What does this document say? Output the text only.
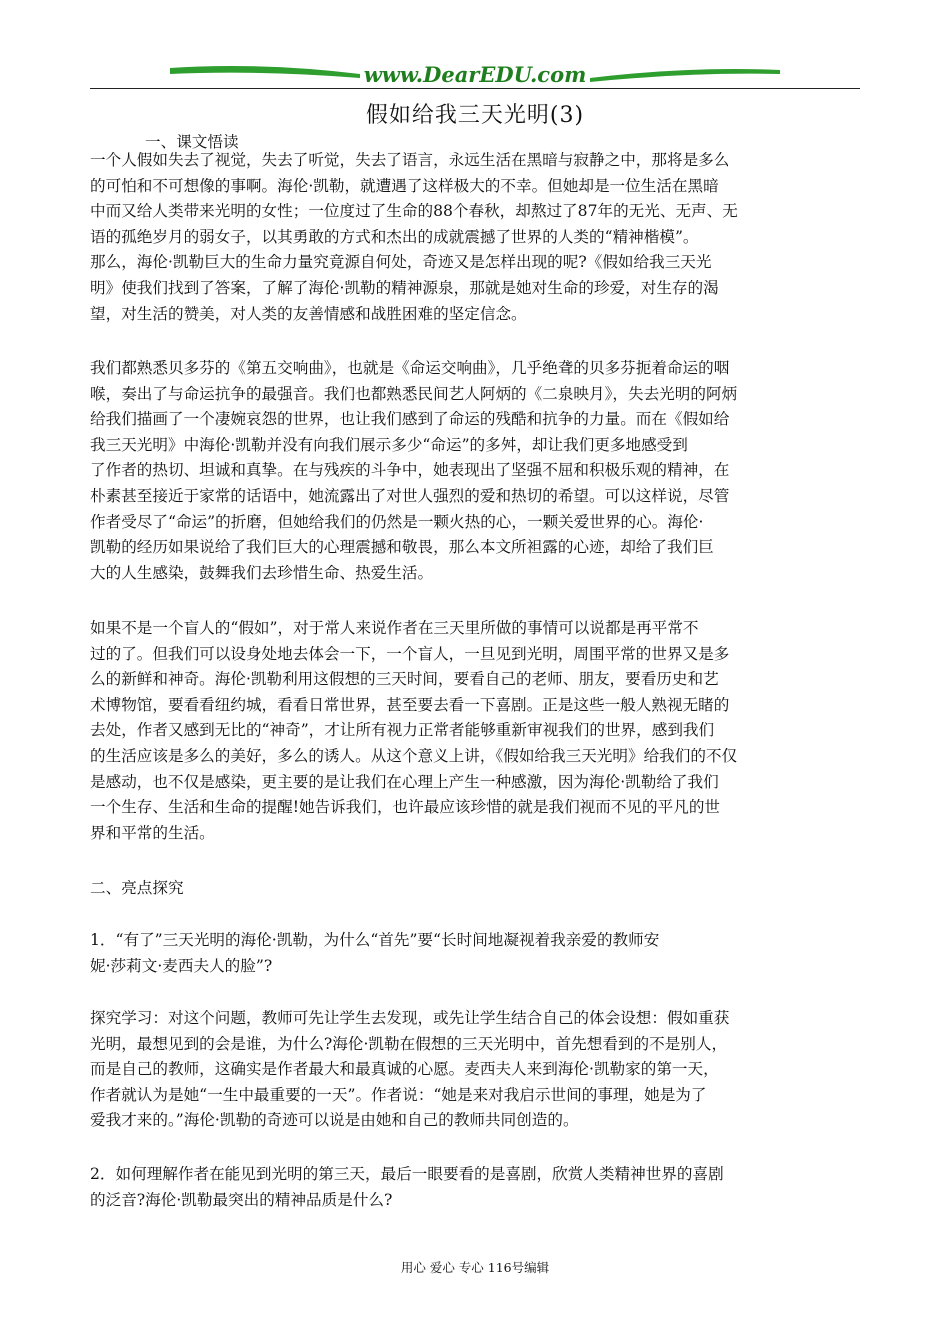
www.DearEDU.com
假如给我三天光明(3)
一、课文悟读
一个人假如失去了视觉，失去了听觉，失去了语言，永远生活在黑暗与寂静之中，那将是多么
的可怕和不可想像的事啊。海伦·凯勒，就遭遇了这样极大的不幸。但她却是一位生活在黑暗
中而又给人类带来光明的女性；一位度过了生命的88个春秋，却熬过了87年的无光、无声、无
语的孤绝岁月的弱女子，以其勇敢的方式和杰出的成就震撼了世界的人类的“精神楷模”。
那么，海伦·凯勒巨大的生命力量究竟源自何处，奇迹又是怎样出现的呢?《假如给我三天光
明》使我们找到了答案，了解了海伦·凯勒的精神源泉，那就是她对生命的珍爱，对生存的渴
望，对生活的赞美，对人类的友善情感和战胜困难的坚定信念。
我们都熟悉贝多芬的《第五交响曲》，也就是《命运交响曲》，几乎绝聋的贝多芬扼着命运的咽
喉，奏出了与命运抗争的最强音。我们也都熟悉民间艺人阿炳的《二泉映月》，失去光明的阿炳
给我们描画了一个凄婉哀怨的世界，也让我们感到了命运的残酷和抗争的力量。而在《假如给
我三天光明》中海伦·凯勒并没有向我们展示多少“命运”的多舛，却让我们更多地感受到
了作者的热切、坦诚和真挚。在与残疾的斗争中，她表现出了坚强不屈和积极乐观的精神，在
朴素甚至接近于家常的话语中，她流露出了对世人强烈的爱和热切的希望。可以这样说，尽管
作者受尽了“命运”的折磨，但她给我们的仍然是一颗火热的心，一颗关爱世界的心。海伦·
凯勒的经历如果说给了我们巨大的心理震撼和敬畏，那么本文所袒露的心迹，却给了我们巨
大的人生感染，鼓舞我们去珍惜生命、热爱生活。
如果不是一个盲人的“假如”，对于常人来说作者在三天里所做的事情可以说都是再平常不
过的了。但我们可以设身处地去体会一下，一个盲人，一旦见到光明，周围平常的世界又是多
么的新鲜和神奇。海伦·凯勒利用这假想的三天时间，要看自己的老师、朋友，要看历史和艺
术博物馆，要看看纽约城，看看日常世界，甚至要去看一下喜剧。正是这些一般人熟视无睹的
去处，作者又感到无比的“神奇”，才让所有视力正常者能够重新审视我们的世界，感到我们
的生活应该是多么的美好，多么的诱人。从这个意义上讲，《假如给我三天光明》给我们的不仅
是感动，也不仅是感染，更主要的是让我们在心理上产生一种感激，因为海伦·凯勒给了我们
一个生存、生活和生命的提醒!她告诉我们，也许最应该珍惜的就是我们视而不见的平凡的世
界和平常的生活。
二、亮点探究
1．“有了”三天光明的海伦·凯勒，为什么“首先”要“长时间地凝视着我亲爱的教师安
妮·莎莉文·麦西夫人的脸”?
探究学习：对这个问题，教师可先让学生去发现，或先让学生结合自己的体会设想：假如重获
光明，最想见到的会是谁，为什么?海伦·凯勒在假想的三天光明中，首先想看到的不是别人，
而是自己的教师，这确实是作者最大和最真诚的心愿。麦西夫人来到海伦·凯勒家的第一天，
作者就认为是她“一生中最重要的一天”。作者说：“她是来对我启示世间的事理，她是为了
爱我才来的。”海伦·凯勒的奇迹可以说是由她和自己的教师共同创造的。
2．如何理解作者在能见到光明的第三天，最后一眼要看的是喜剧，欣赏人类精神世界的喜剧
的泛音?海伦·凯勒最突出的精神品质是什么?
用心 爱心 专心 116号编辑
